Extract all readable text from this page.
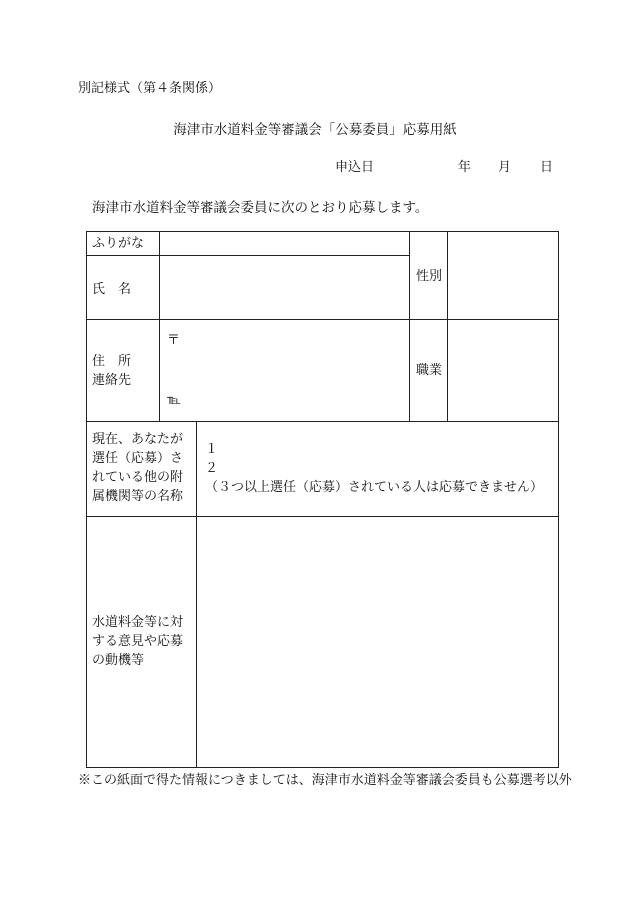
別記様式（第４条関係）
海津市水道料金等審議会「公募委員」応募用紙
申込日	年 月 日
海津市水道料金等審議会委員に次のとおり応募します。
ふりがな
氏　名
性別
住　所
連絡先
〒
℡
職業
現在、あなたが
選任（応募）さ
れている他の附
属機関等の名称
１
２
（３つ以上選任（応募）されている人は応募できません）
水道料金等に対
する意見や応募
の動機等
※この紙面で得た情報につきましては、海津市水道料金等審議会委員も公募選考以外
